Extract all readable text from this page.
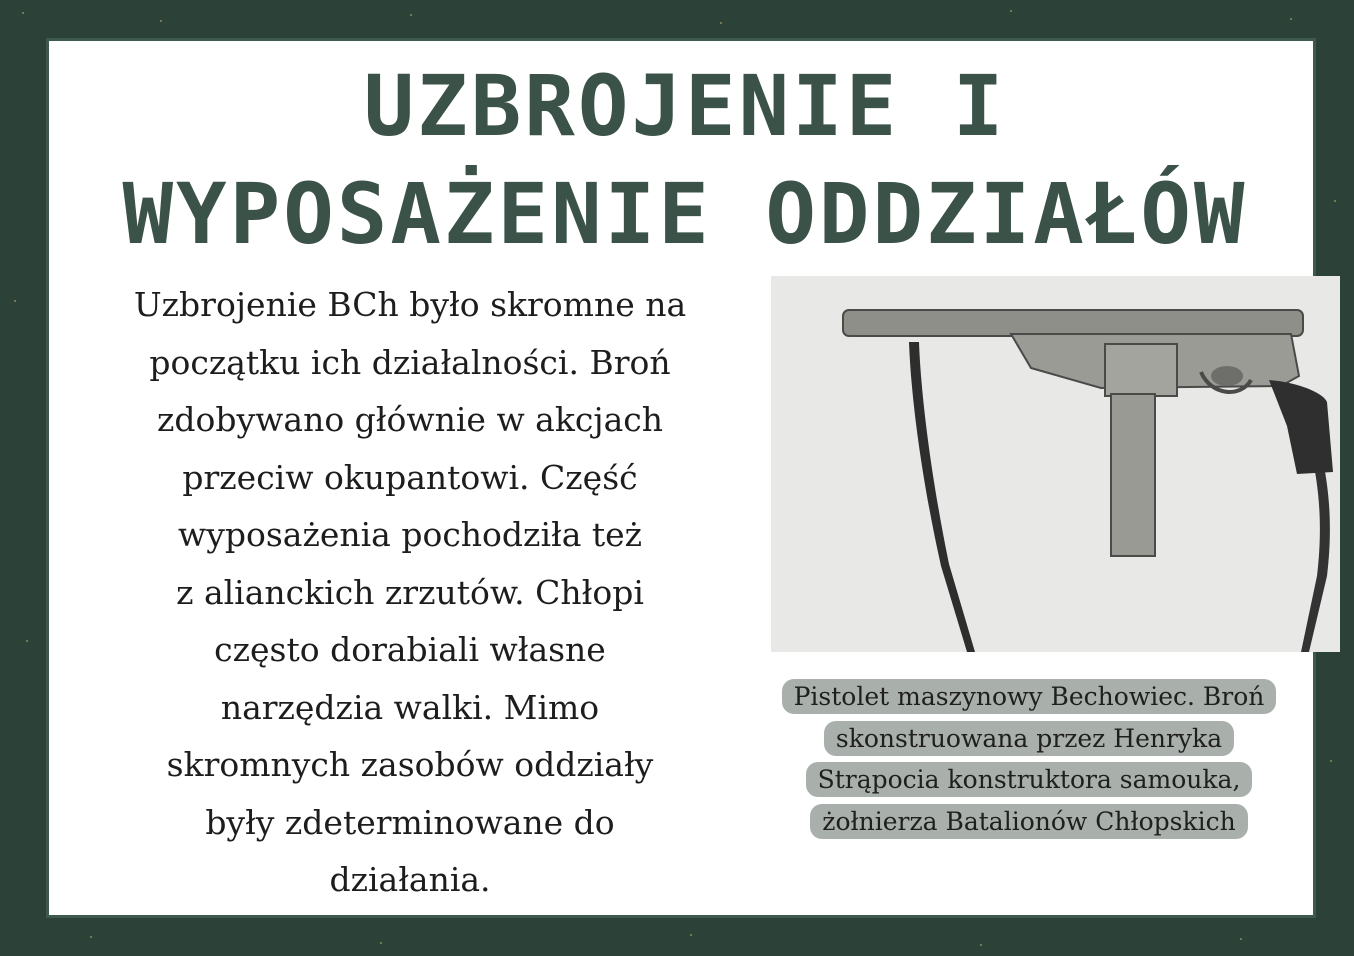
UZBROJENIE I
WYPOSAŻENIE ODDZIAŁÓW

Uzbrojenie BCh było skromne na
początku ich działalności. Broń
zdobywano głównie w akcjach
przeciw okupantowi. Część
wyposażenia pochodziła też
z alianckich zrzutów. Chłopi
często dorabiali własne
narzędzia walki. Mimo
skromnych zasobów oddziały
były zdeterminowane do
działania.

Pistolet maszynowy Bechowiec. Broń skonstruowana przez Henryka Strąpocia konstruktora samouka, żołnierza Batalionów Chłopskich
